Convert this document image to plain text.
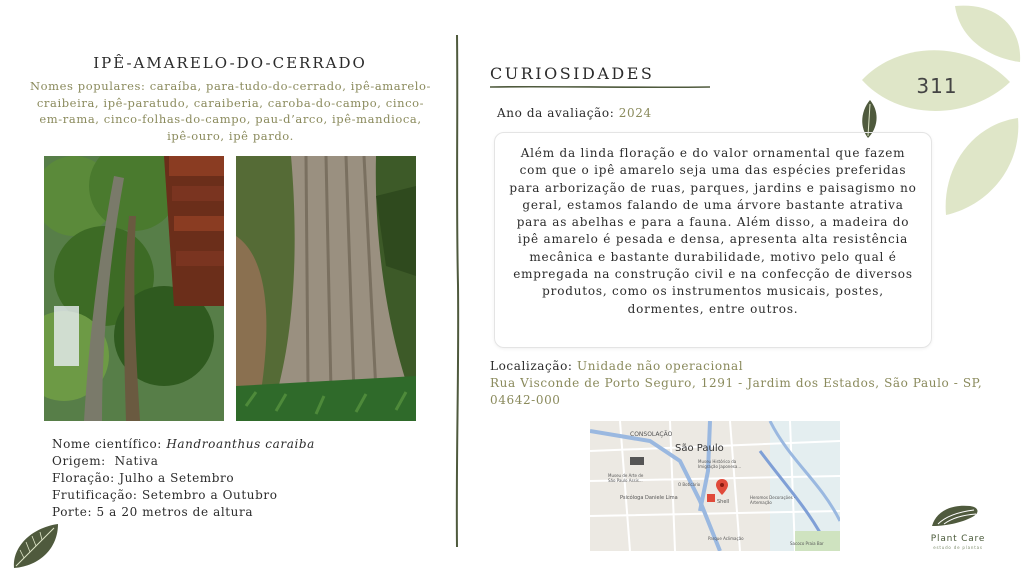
311
IPÊ-AMARELO-DO-CERRADO
Nomes populares: caraíba, para-tudo-do-cerrado, ipê-amarelo-craibeira, ipê-paratudo, caraiberia, caroba-do-campo, cinco-em-rama, cinco-folhas-do-campo, pau-d’arco, ipê-mandioca, ipê-ouro, ipê pardo.
Nome científico: Handroanthus caraiba
Origem:  Nativa
Floração: Julho a Setembro
Frutificação: Setembro a Outubro
Porte: 5 a 20 metros de altura
CURIOSIDADES
Ano da avaliação: 2024

Além da linda floração e do valor ornamental que fazem com que o ipê amarelo seja uma das espécies preferidas para arborização de ruas, parques, jardins e paisagismo no geral, estamos falando de uma árvore bastante atrativa para as abelhas e para a fauna. Além disso, a madeira do ipê amarelo é pesada e densa, apresenta alta resistência mecânica e bastante durabilidade, motivo pelo qual é empregada na construção civil e na confecção de diversos produtos, como os instrumentos musicais, postes, dormentes, entre outros.

Localização: Unidade não operacional
Rua Visconde de Porto Seguro, 1291 - Jardim dos Estados, São Paulo - SP, 04642-000
CONSOLAÇÃO
São Paulo
Museu de Arte de São Paulo Assis...
Museu Histórico da Imigração Japonesa...
Psicóloga Daniele Lima
Shell
Heromos Decorações - Artemação
O Boticário
Parque Aclimação
Sacoco Praia Bar	Plant Care
estudo de plantas
